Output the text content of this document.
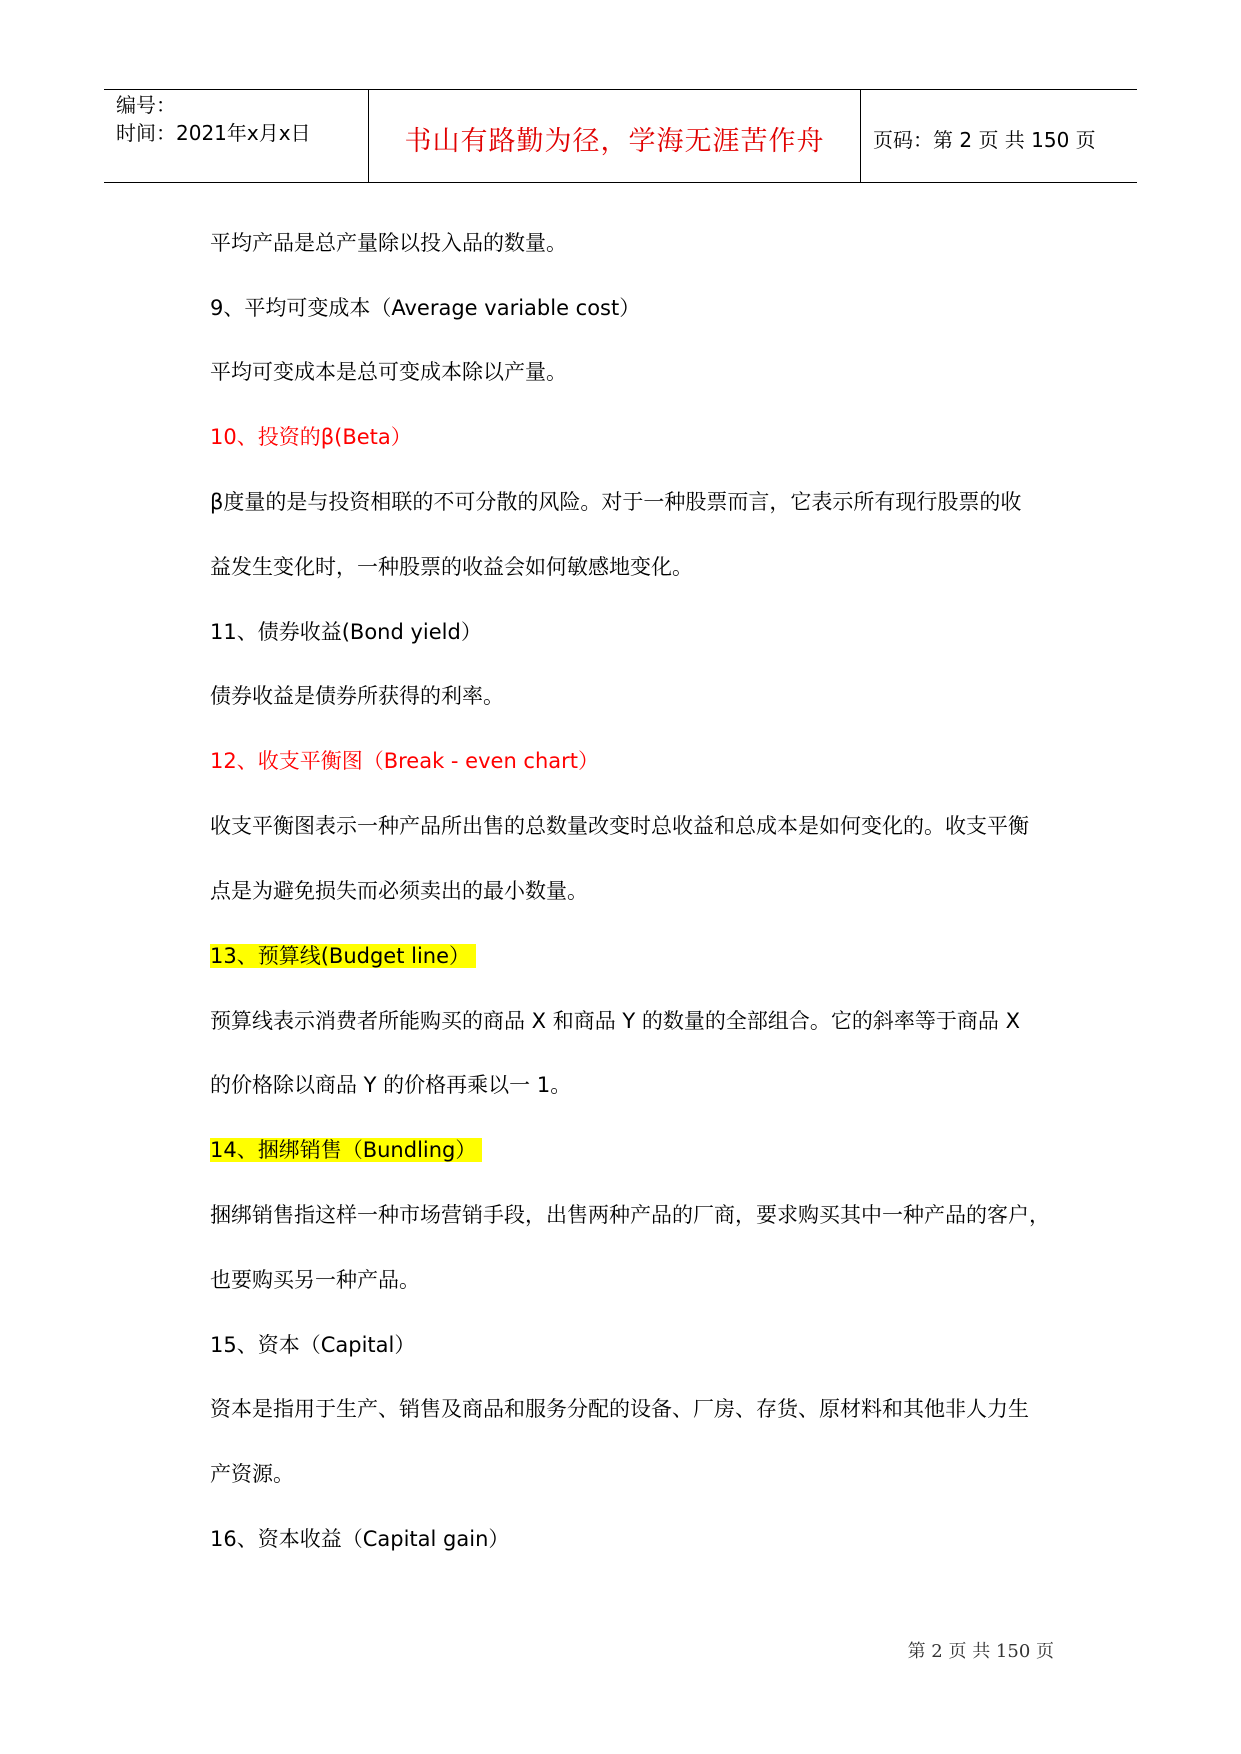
编号：
时间：2021年x月x日	书山有路勤为径，学海无涯苦作舟	页码：第 2 页 共 150 页
平均产品是总产量除以投入品的数量。
9、平均可变成本（Average variable cost）
平均可变成本是总可变成本除以产量。
10、投资的β(Beta）
β度量的是与投资相联的不可分散的风险。对于一种股票而言，它表示所有现行股票的收
益发生变化时，一种股票的收益会如何敏感地变化。
11、债券收益(Bond yield）
债券收益是债券所获得的利率。
12、收支平衡图（Break - even chart）
收支平衡图表示一种产品所出售的总数量改变时总收益和总成本是如何变化的。收支平衡
点是为避免损失而必须卖出的最小数量。
13、预算线(Budget line）
预算线表示消费者所能购买的商品 X 和商品 Y 的数量的全部组合。它的斜率等于商品 X
的价格除以商品 Y 的价格再乘以一 1。
14、捆绑销售（Bundling）
捆绑销售指这样一种市场营销手段，出售两种产品的厂商，要求购买其中一种产品的客户，
也要购买另一种产品。
15、资本（Capital）
资本是指用于生产、销售及商品和服务分配的设备、厂房、存货、原材料和其他非人力生
产资源。
16、资本收益（Capital gain）
第 2 页 共 150 页
